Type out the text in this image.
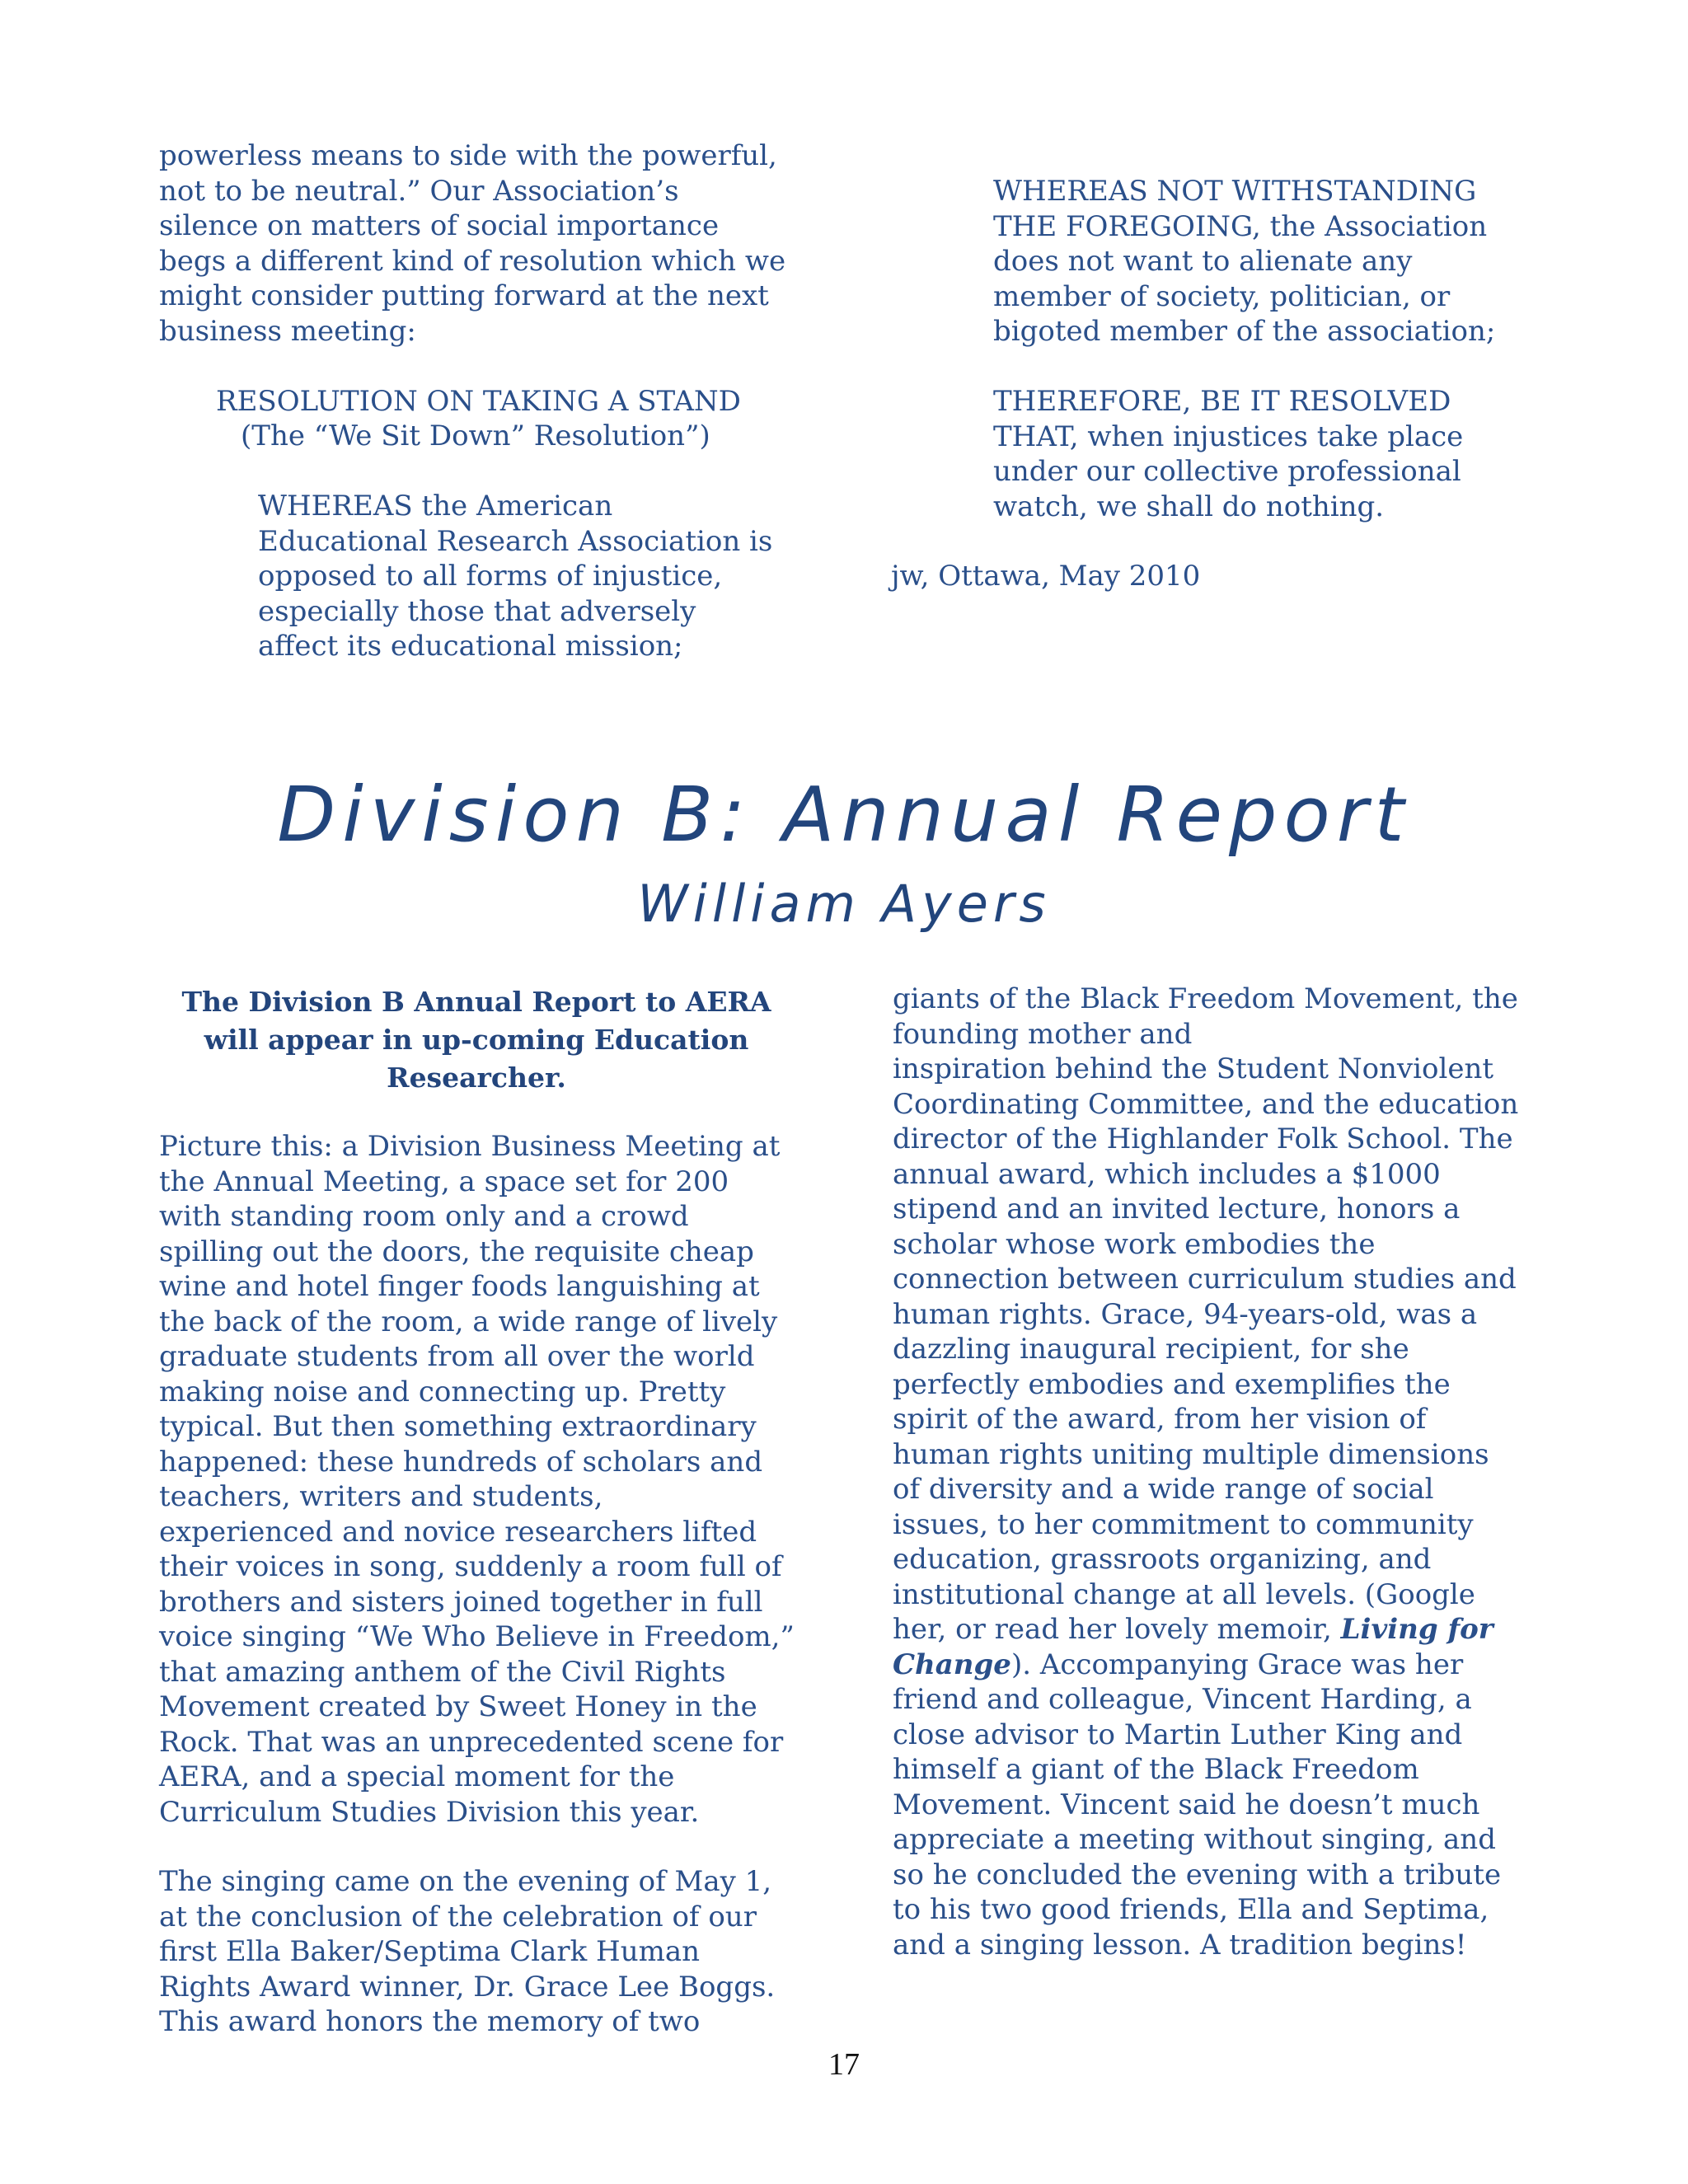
powerless means to side with the powerful,
not to be neutral.” Our Association’s
silence on matters of social importance
begs a different kind of resolution which we
might consider putting forward at the next
business meeting:
RESOLUTION ON TAKING A STAND
(The “We Sit Down” Resolution”)
WHEREAS the American
Educational Research Association is
opposed to all forms of injustice,
especially those that adversely
affect its educational mission;
WHEREAS NOT WITHSTANDING
THE FOREGOING, the Association
does not want to alienate any
member of society, politician, or
bigoted member of the association;
THEREFORE, BE IT RESOLVED
THAT, when injustices take place
under our collective professional
watch, we shall do nothing.
jw, Ottawa, May 2010
Division B: Annual Report
William Ayers
The Division B Annual Report to AERA
will appear in up-coming Education
Researcher.
Picture this: a Division Business Meeting at
the Annual Meeting, a space set for 200
with standing room only and a crowd
spilling out the doors, the requisite cheap
wine and hotel finger foods languishing at
the back of the room, a wide range of lively
graduate students from all over the world
making noise and connecting up. Pretty
typical. But then something extraordinary
happened: these hundreds of scholars and
teachers, writers and students,
experienced and novice researchers lifted
their voices in song, suddenly a room full of
brothers and sisters joined together in full
voice singing “We Who Believe in Freedom,”
that amazing anthem of the Civil Rights
Movement created by Sweet Honey in the
Rock. That was an unprecedented scene for
AERA, and a special moment for the
Curriculum Studies Division this year.
The singing came on the evening of May 1,
at the conclusion of the celebration of our
first Ella Baker/Septima Clark Human
Rights Award winner, Dr. Grace Lee Boggs.
This award honors the memory of two
giants of the Black Freedom Movement, the
founding mother and
inspiration behind the Student Nonviolent
Coordinating Committee, and the education
director of the Highlander Folk School. The
annual award, which includes a $1000
stipend and an invited lecture, honors a
scholar whose work embodies the
connection between curriculum studies and
human rights. Grace, 94-years-old, was a
dazzling inaugural recipient, for she
perfectly embodies and exemplifies the
spirit of the award, from her vision of
human rights uniting multiple dimensions
of diversity and a wide range of social
issues, to her commitment to community
education, grassroots organizing, and
institutional change at all levels. (Google
her, or read her lovely memoir, Living for
Change). Accompanying Grace was her
friend and colleague, Vincent Harding, a
close advisor to Martin Luther King and
himself a giant of the Black Freedom
Movement. Vincent said he doesn’t much
appreciate a meeting without singing, and
so he concluded the evening with a tribute
to his two good friends, Ella and Septima,
and a singing lesson. A tradition begins!
17
